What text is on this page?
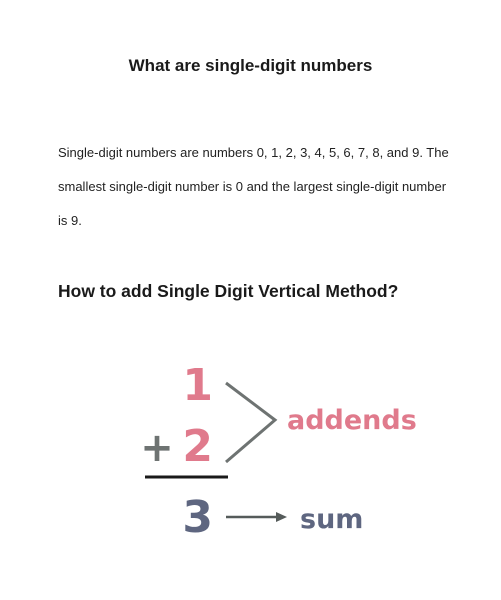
What are single-digit numbers

Single-digit numbers are numbers 0, 1, 2, 3, 4, 5, 6, 7, 8, and 9. The smallest single-digit number is 0 and the largest single-digit number is 9.

How to add Single Digit Vertical Method?
1
+ 2
addends
3	sum
